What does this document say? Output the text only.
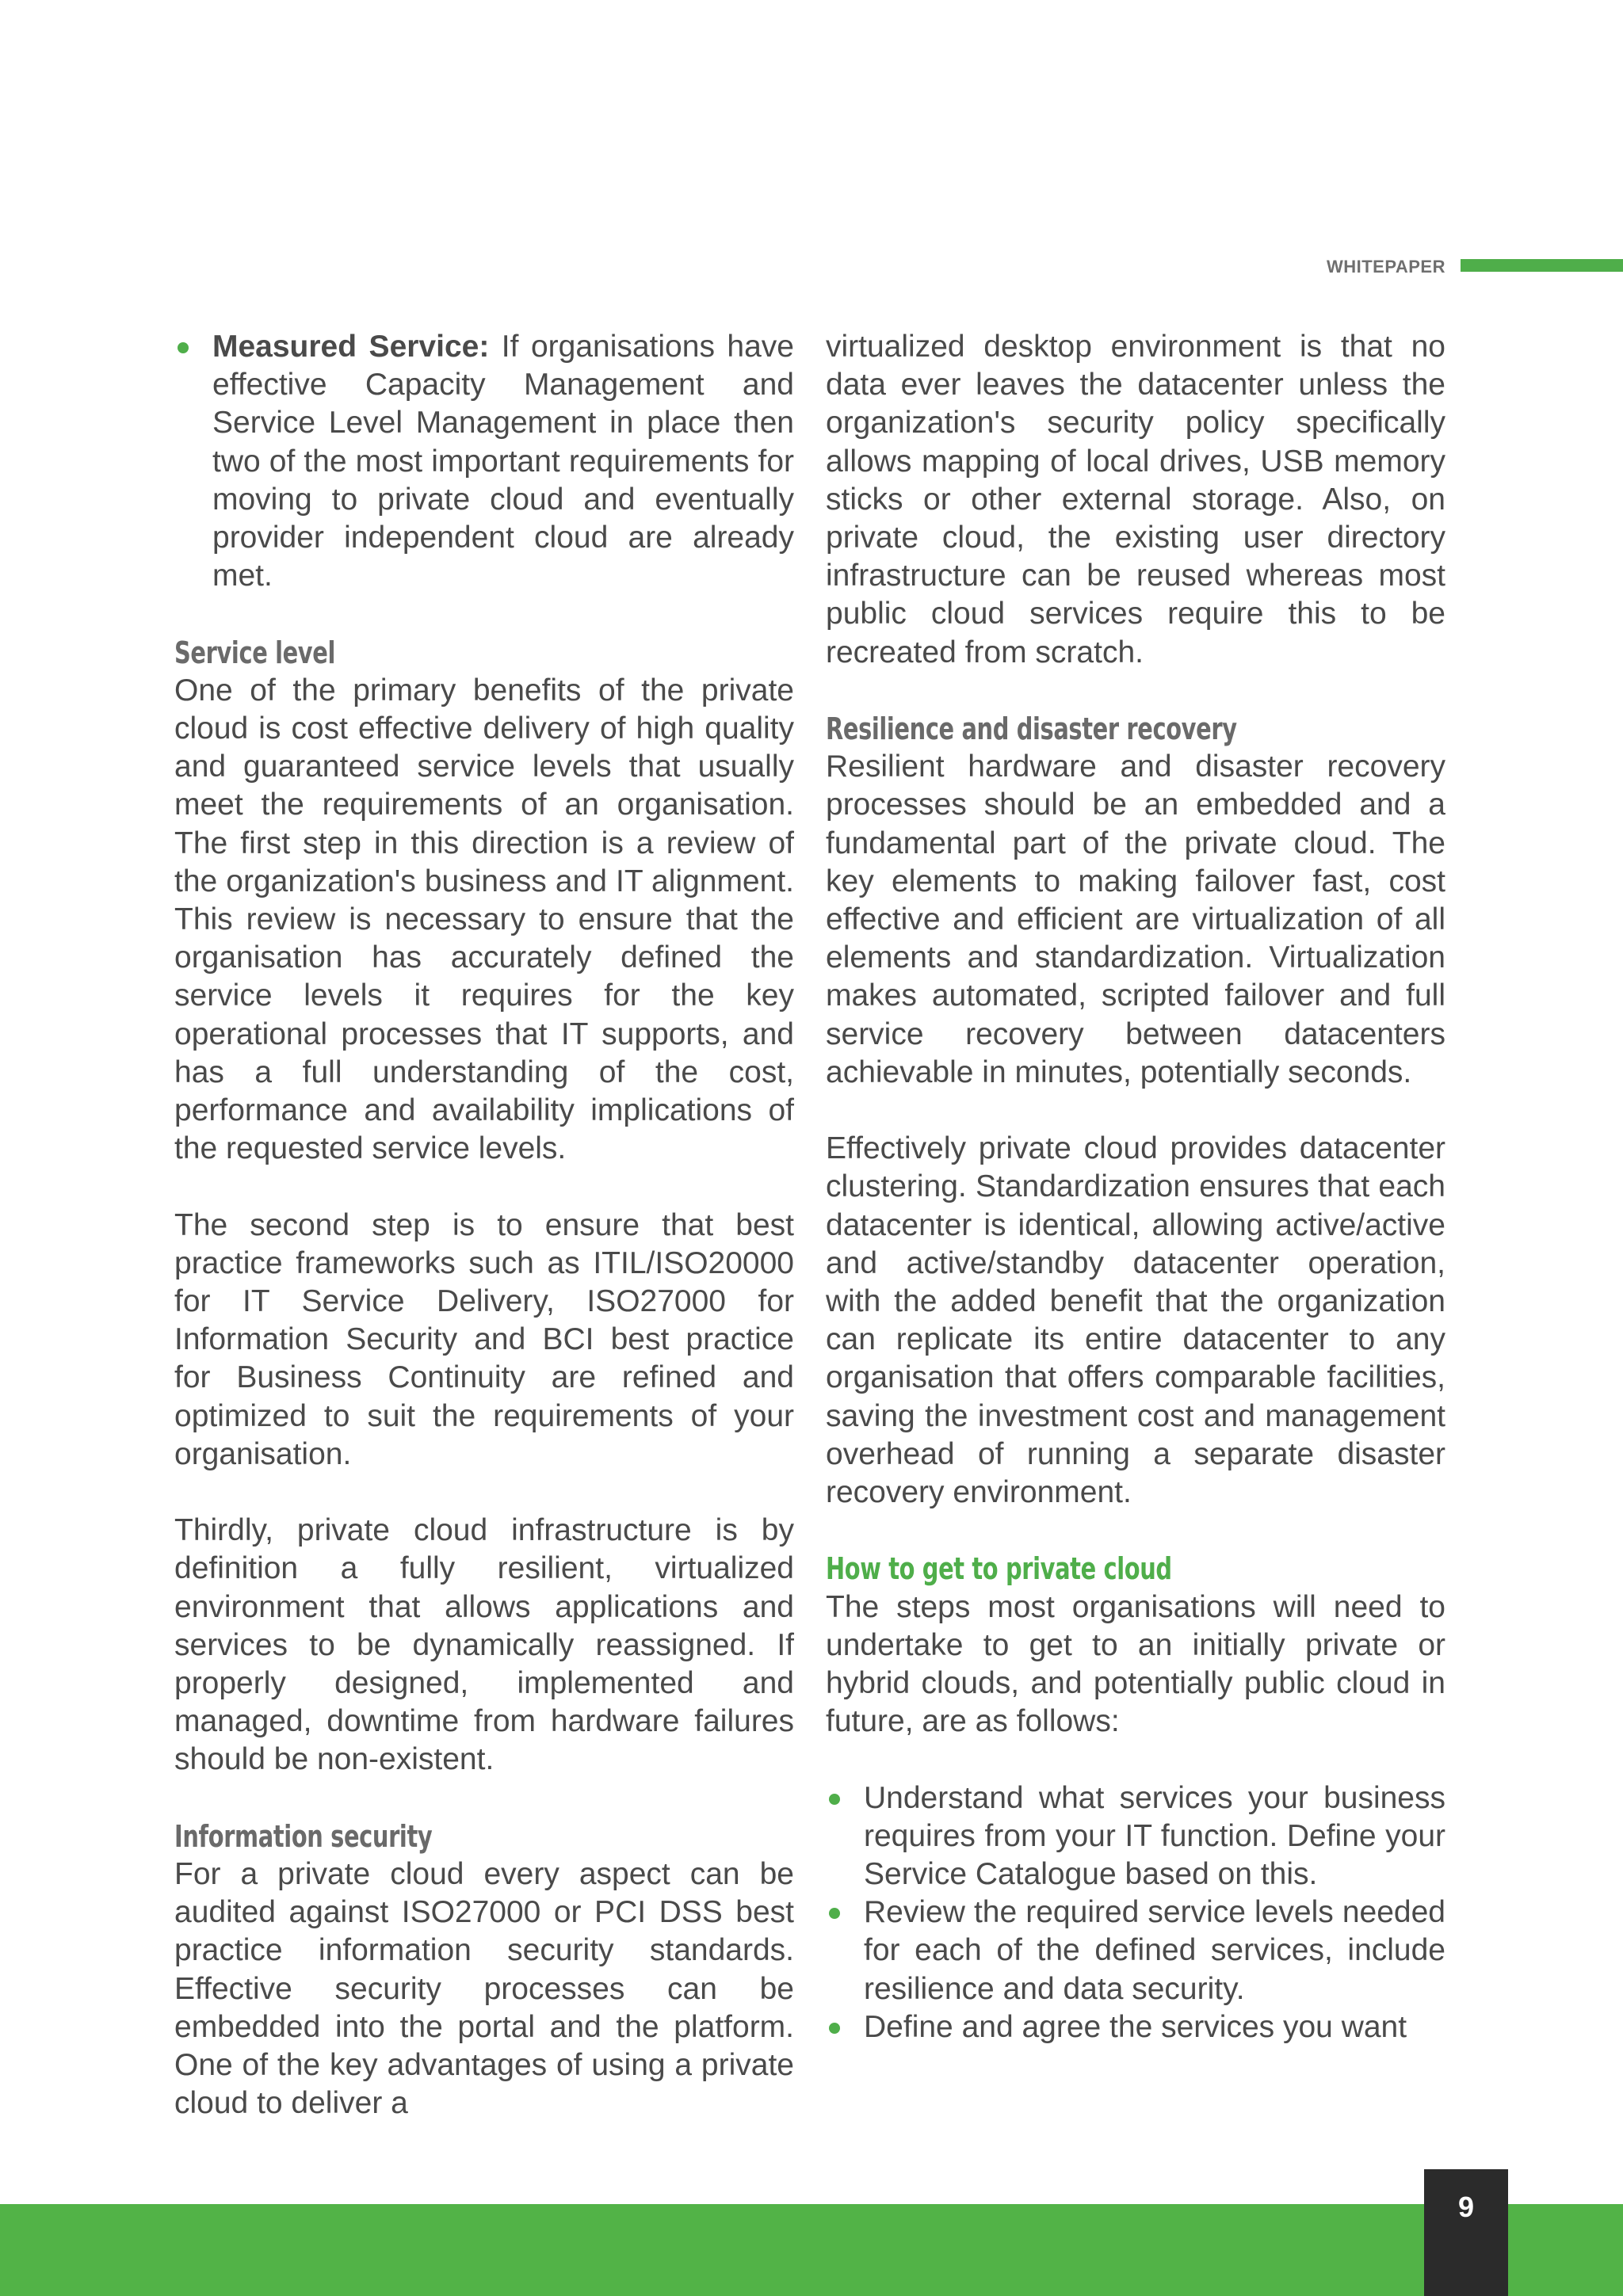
WHITEPAPER
Measured Service: If organisations have effective Capacity Management and Service Level Management in place then two of the most important requirements for moving to private cloud and eventually provider independent cloud are already met.
Service level

One of the primary benefits of the private cloud is cost effective delivery of high quality and guaranteed service levels that usually meet the requirements of an organisation. The first step in this direction is a review of the organization's business and IT alignment. This review is necessary to ensure that the organisation has accurately defined the service levels it requires for the key operational processes that IT supports, and has a full understanding of the cost, performance and availability implications of the requested service levels.

The second step is to ensure that best practice frameworks such as ITIL/ISO20000 for IT Service Delivery, ISO27000 for Information Security and BCI best practice for Business Continuity are refined and optimized to suit the requirements of your organisation.

Thirdly, private cloud infrastructure is by definition a fully resilient, virtualized environment that allows applications and services to be dynamically reassigned. If properly designed, implemented and managed, downtime from hardware failures should be non-existent.

Information security

For a private cloud every aspect can be audited against ISO27000 or PCI DSS best practice information security standards. Effective security processes can be embedded into the portal and the platform. One of the key advantages of using a private cloud to deliver a

virtualized desktop environment is that no data ever leaves the datacenter unless the organization's security policy specifically allows mapping of local drives, USB memory sticks or other external storage. Also, on private cloud, the existing user directory infrastructure can be reused whereas most public cloud services require this to be recreated from scratch.

Resilience and disaster recovery

Resilient hardware and disaster recovery processes should be an embedded and a fundamental part of the private cloud. The key elements to making failover fast, cost effective and efficient are virtualization of all elements and standardization. Virtualization makes automated, scripted failover and full service recovery between datacenters achievable in minutes, potentially seconds.

Effectively private cloud provides datacenter clustering. Standardization ensures that each datacenter is identical, allowing active/active and active/standby datacenter operation, with the added benefit that the organization can replicate its entire datacenter to any organisation that offers comparable facilities, saving the investment cost and management overhead of running a separate disaster recovery environment.

How to get to private cloud

The steps most organisations will need to undertake to get to an initially private or hybrid clouds, and potentially public cloud in future, are as follows:

Understand what services your business requires from your IT function. Define your Service Catalogue based on this.
Review the required service levels needed for each of the defined services, include resilience and data security.
Define and agree the services you want
9
